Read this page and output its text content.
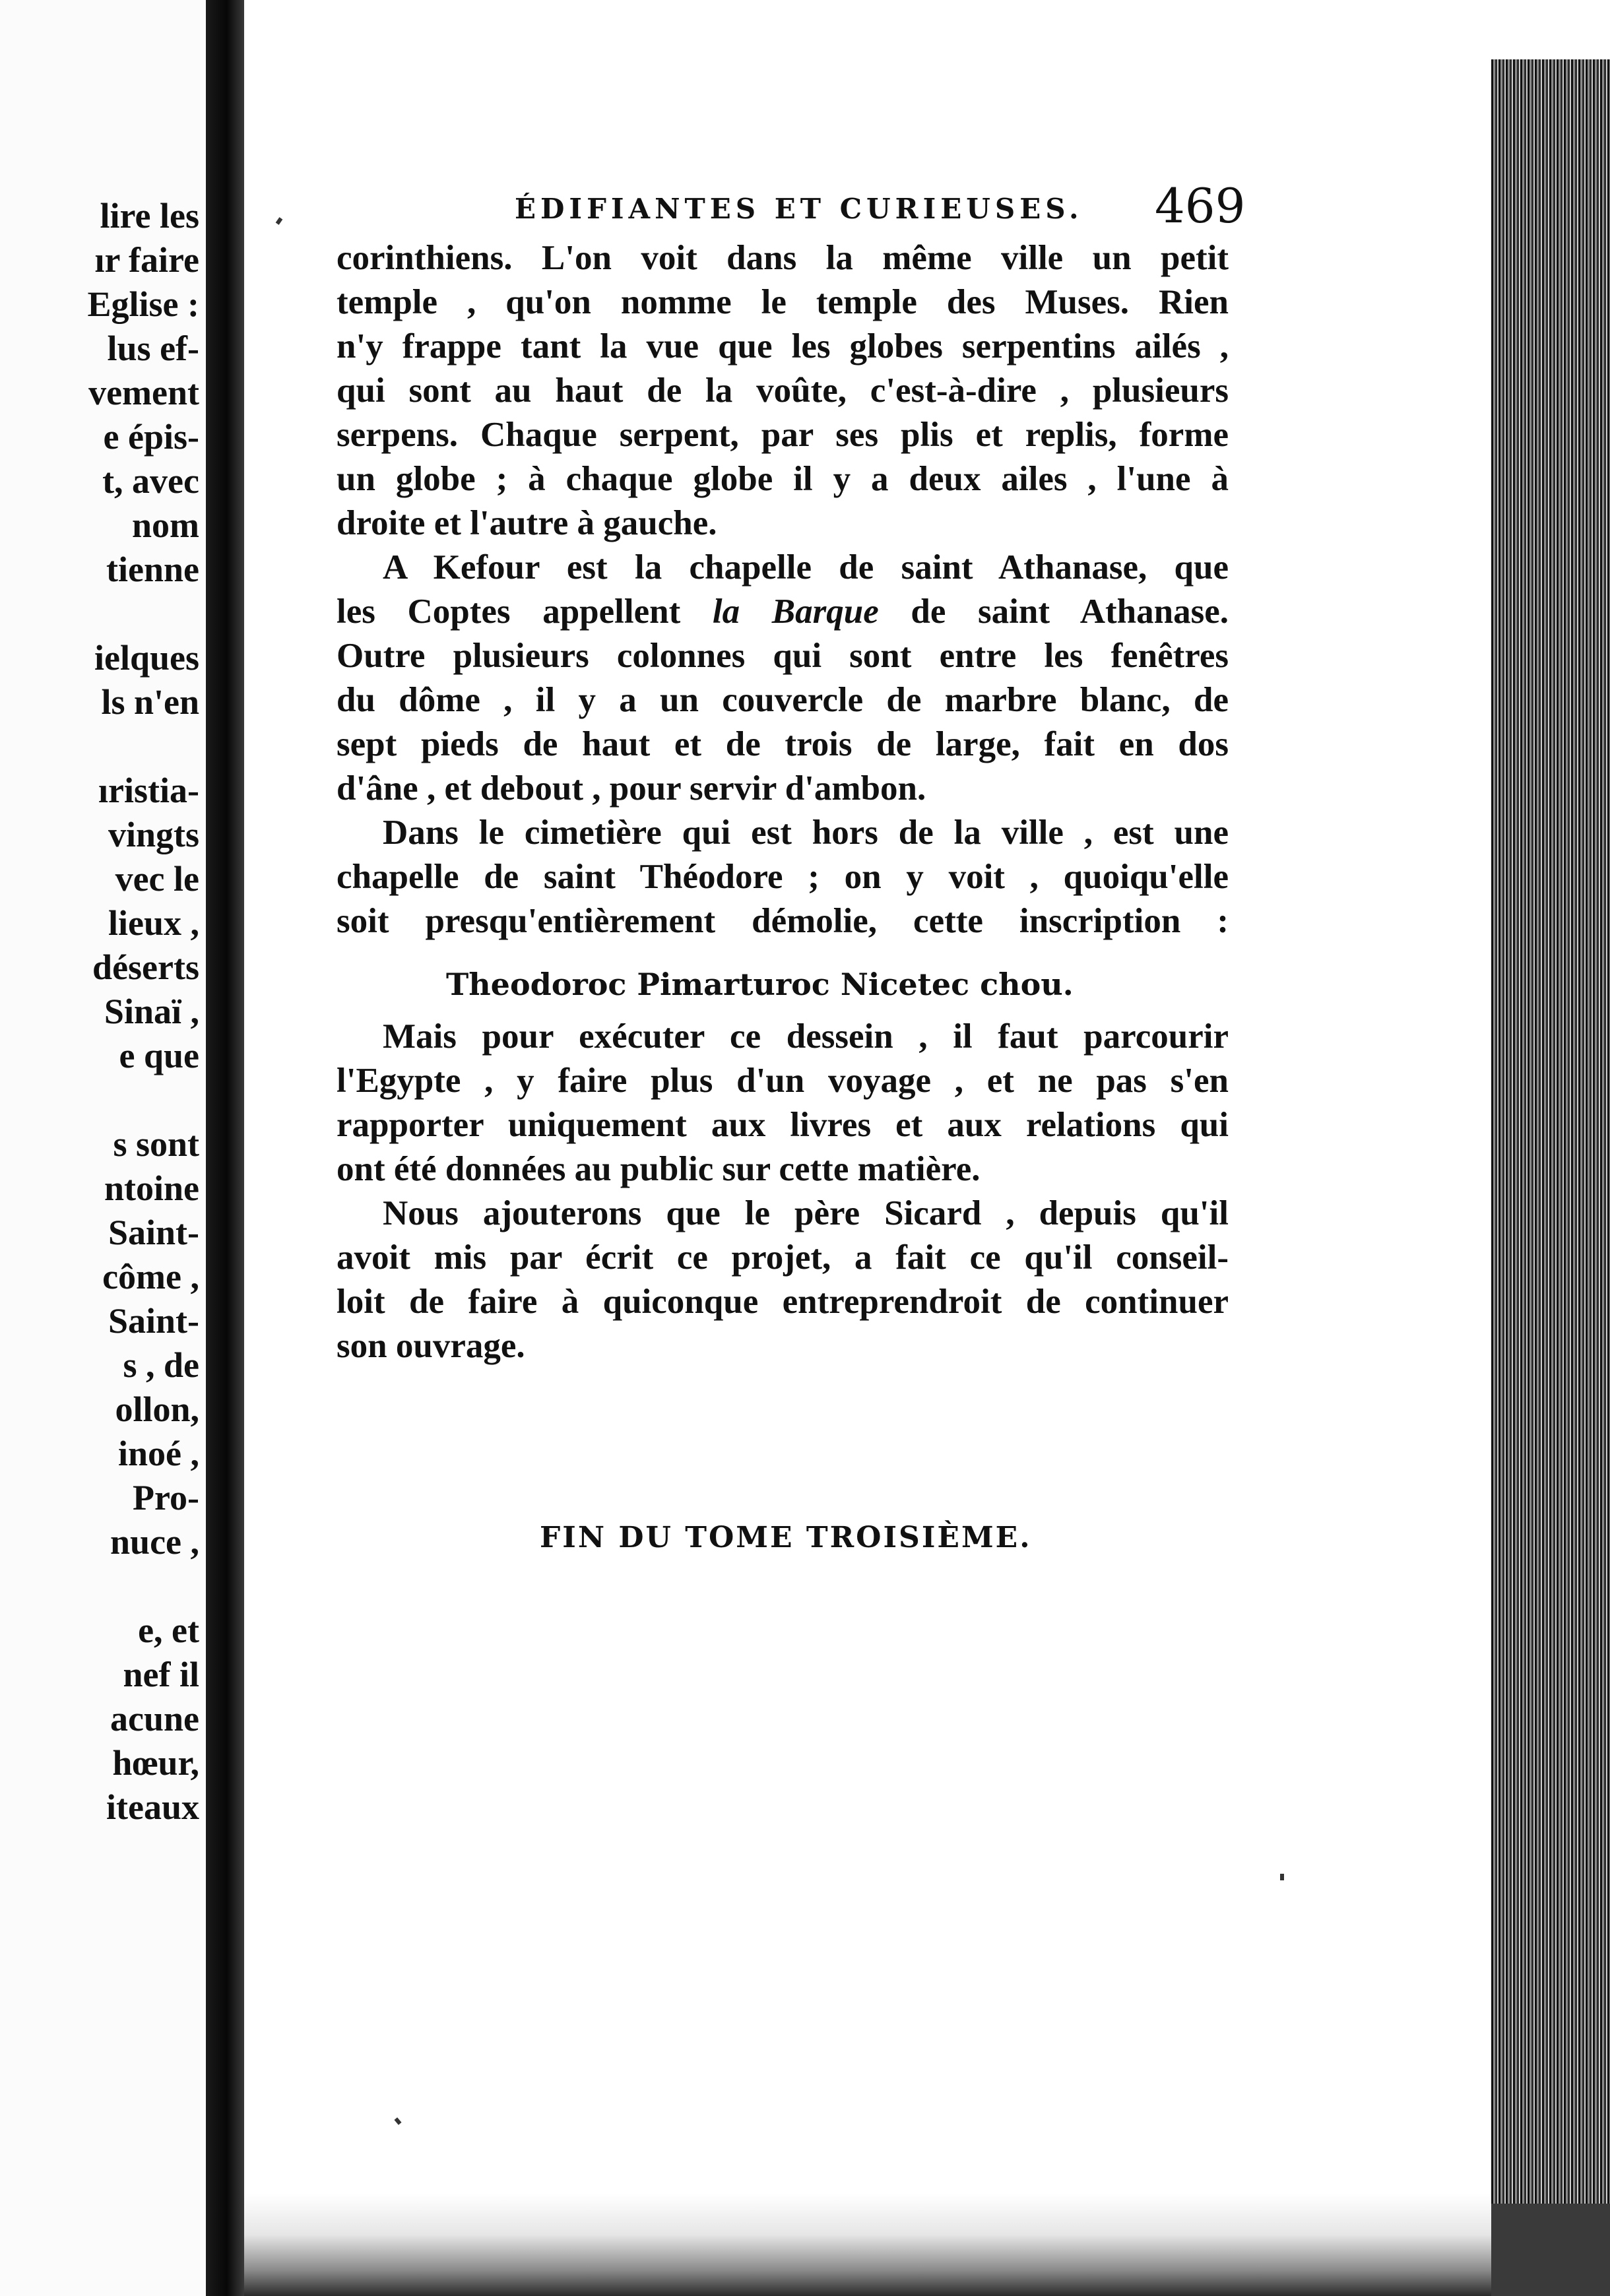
lire les
ır faire
Eglise :
lus ef-
vement
e épis-
t, avec
nom
tienne
ielques
ls n'en
ıristia-
vingts
vec le
lieux ,
déserts
Sinaï ,
e que
s sont
ntoine
Saint-
côme ,
Saint-
s , de
ollon,
inoé ,
Pro-
nuce ,
e, et
nef il
acune
hœur,
iteaux
ÉDIFIANTES ET CURIEUSES. 469
corinthiens. L'on voit dans la même ville un petit
temple , qu'on nomme le temple des Muses. Rien
n'y frappe tant la vue que les globes serpentins ailés ,
qui sont au haut de la voûte, c'est-à-dire , plusieurs
serpens. Chaque serpent, par ses plis et replis, forme
un globe ; à chaque globe il y a deux ailes , l'une à
droite et l'autre à gauche.
A Kefour est la chapelle de saint Athanase, que
les Coptes appellent la Barque de saint Athanase.
Outre plusieurs colonnes qui sont entre les fenêtres
du dôme , il y a un couvercle de marbre blanc, de
sept pieds de haut et de trois de large, fait en dos
d'âne , et debout , pour servir d'ambon.
Dans le cimetière qui est hors de la ville , est une
chapelle de saint Théodore ; on y voit , quoiqu'elle
soit presqu'entièrement démolie, cette inscription :
Theodoroc Pimarturoc Nicetec chou.
Mais pour exécuter ce dessein , il faut parcourir
l'Egypte , y faire plus d'un voyage , et ne pas s'en
rapporter uniquement aux livres et aux relations qui
ont été données au public sur cette matière.
Nous ajouterons que le père Sicard , depuis qu'il
avoit mis par écrit ce projet, a fait ce qu'il conseil-
loit de faire à quiconque entreprendroit de continuer
son ouvrage.
FIN DU TOME TROISIÈME.
